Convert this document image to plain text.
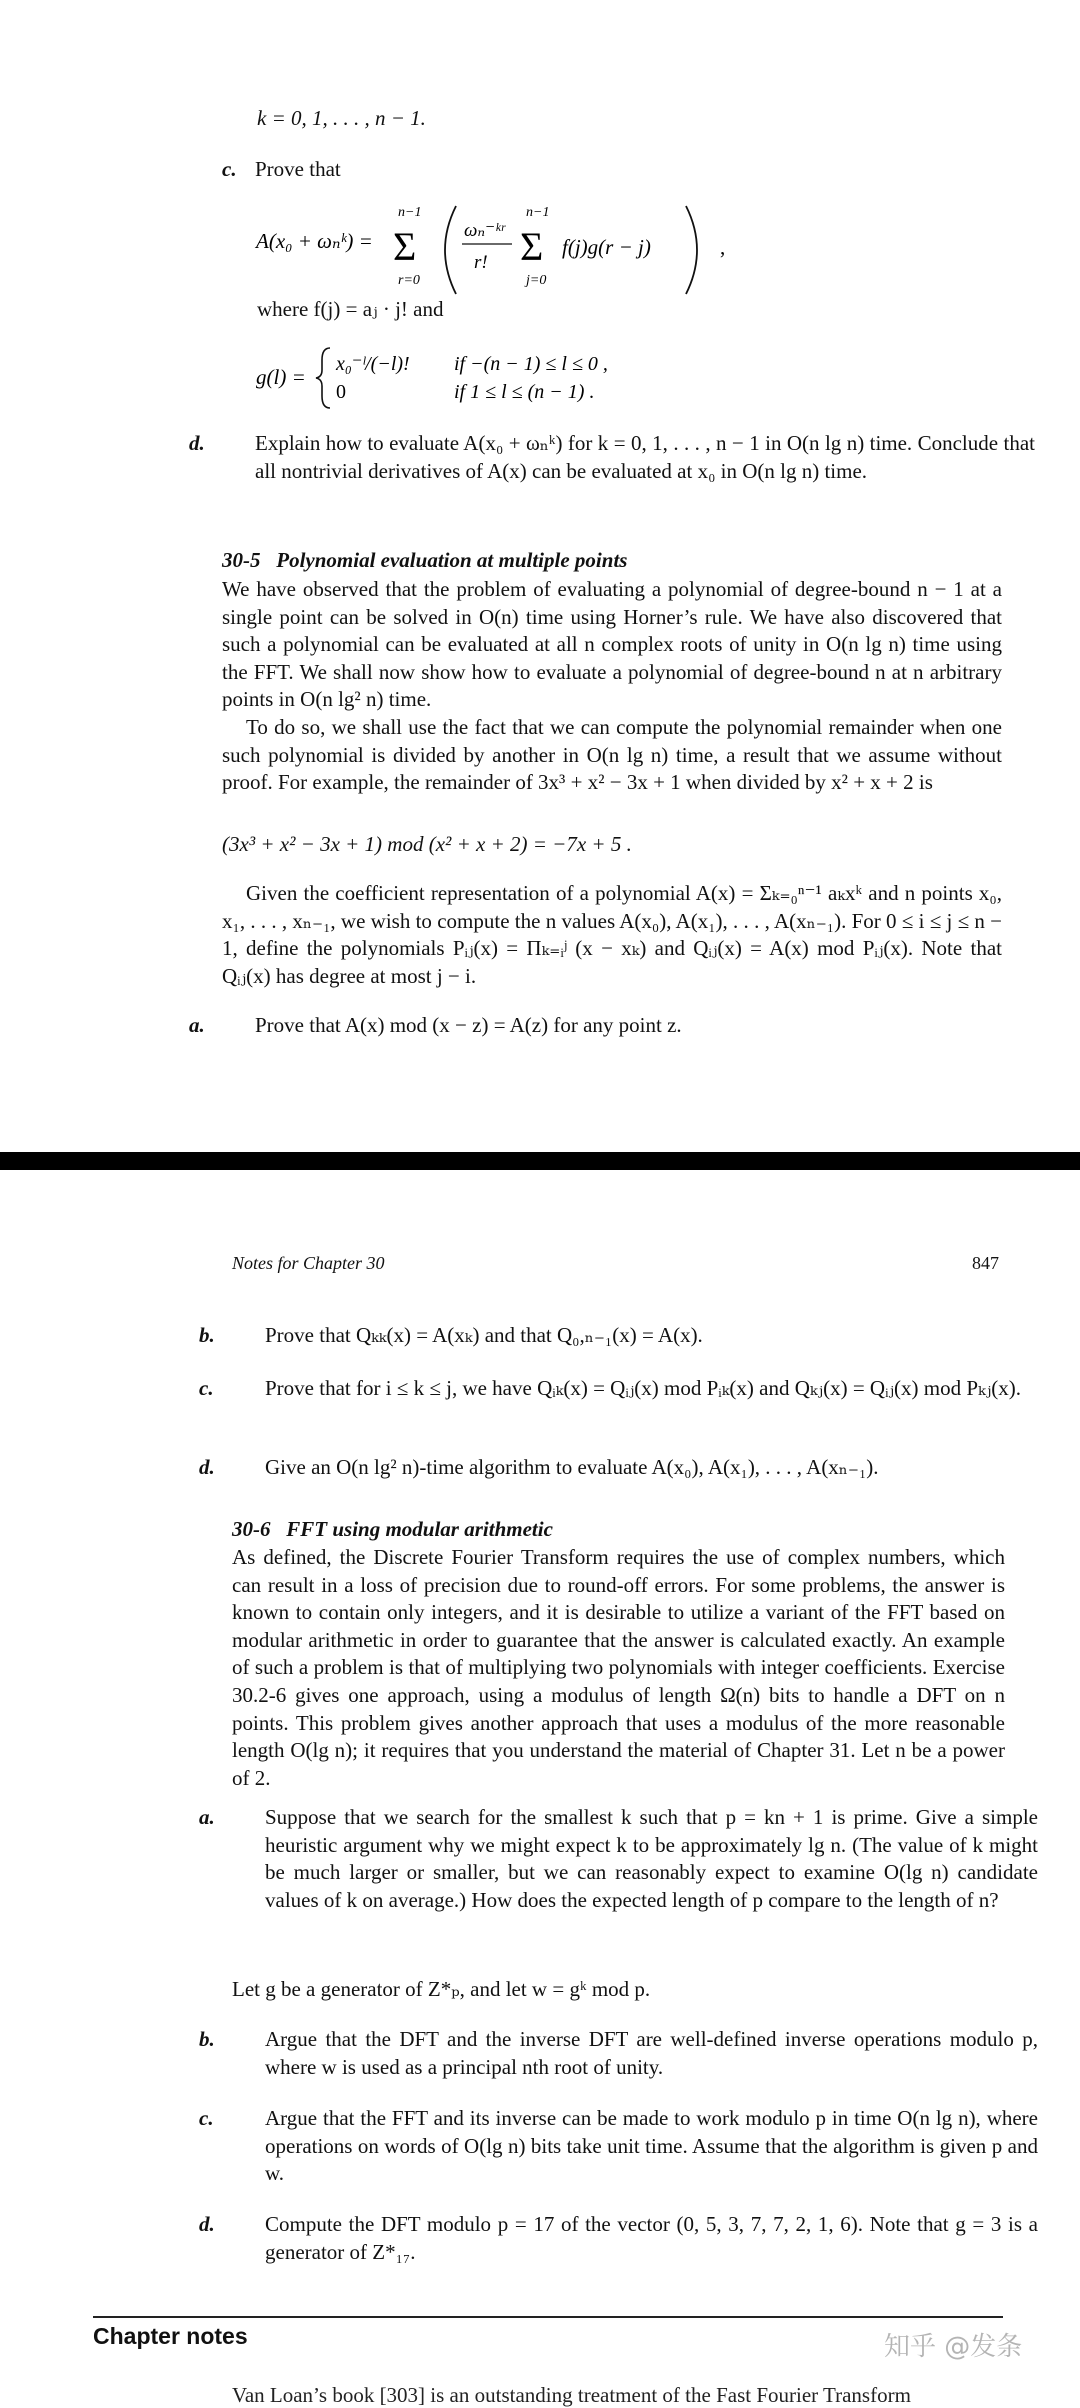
k = 0, 1, . . . , n − 1.
c. Prove that
A(x₀ + ωₙᵏ) =
n−1
Σ
r=0
ωₙ⁻ᵏʳ
r!
n−1
Σ
j=0
f(j)g(r − j)	,
where f(j) = aⱼ · j! and
g(l) =
x₀⁻ˡ/(−l)! if −(n − 1) ≤ l ≤ 0 ,
0	if 1 ≤ l ≤ (n − 1) .
d. Explain how to evaluate A(x₀ + ωₙᵏ) for k = 0, 1, . . . , n − 1 in O(n lg n) time. Conclude that all nontrivial derivatives of A(x) can be evaluated at x₀ in O(n lg n) time.
30-5 Polynomial evaluation at multiple points
We have observed that the problem of evaluating a polynomial of degree-bound n − 1 at a single point can be solved in O(n) time using Horner’s rule. We have also discovered that such a polynomial can be evaluated at all n complex roots of unity in O(n lg n) time using the FFT. We shall now show how to evaluate a polynomial of degree-bound n at n arbitrary points in O(n lg² n) time.
To do so, we shall use the fact that we can compute the polynomial remainder when one such polynomial is divided by another in O(n lg n) time, a result that we assume without proof. For example, the remainder of 3x³ + x² − 3x + 1 when divided by x² + x + 2 is
(3x³ + x² − 3x + 1) mod (x² + x + 2) = −7x + 5 .
Given the coefficient representation of a polynomial A(x) = Σₖ₌₀ⁿ⁻¹ aₖxᵏ and n points x₀, x₁, . . . , xₙ₋₁, we wish to compute the n values A(x₀), A(x₁), . . . , A(xₙ₋₁). For 0 ≤ i ≤ j ≤ n − 1, define the polynomials Pᵢⱼ(x) = Πₖ₌ᵢʲ (x − xₖ) and Qᵢⱼ(x) = A(x) mod Pᵢⱼ(x). Note that Qᵢⱼ(x) has degree at most j − i.
a. Prove that A(x) mod (x − z) = A(z) for any point z.
Notes for Chapter 30	847
b. Prove that Qₖₖ(x) = A(xₖ) and that Q₀,ₙ₋₁(x) = A(x).
c. Prove that for i ≤ k ≤ j, we have Qᵢₖ(x) = Qᵢⱼ(x) mod Pᵢₖ(x) and Qₖⱼ(x) = Qᵢⱼ(x) mod Pₖⱼ(x).
d. Give an O(n lg² n)-time algorithm to evaluate A(x₀), A(x₁), . . . , A(xₙ₋₁).
30-6 FFT using modular arithmetic
As defined, the Discrete Fourier Transform requires the use of complex numbers, which can result in a loss of precision due to round-off errors. For some problems, the answer is known to contain only integers, and it is desirable to utilize a variant of the FFT based on modular arithmetic in order to guarantee that the answer is calculated exactly. An example of such a problem is that of multiplying two polynomials with integer coefficients. Exercise 30.2-6 gives one approach, using a modulus of length Ω(n) bits to handle a DFT on n points. This problem gives another approach that uses a modulus of the more reasonable length O(lg n); it requires that you understand the material of Chapter 31. Let n be a power of 2.
a. Suppose that we search for the smallest k such that p = kn + 1 is prime. Give a simple heuristic argument why we might expect k to be approximately lg n. (The value of k might be much larger or smaller, but we can reasonably expect to examine O(lg n) candidate values of k on average.) How does the expected length of p compare to the length of n?
Let g be a generator of Z*ₚ, and let w = gᵏ mod p.
b. Argue that the DFT and the inverse DFT are well-defined inverse operations modulo p, where w is used as a principal nth root of unity.
c. Argue that the FFT and its inverse can be made to work modulo p in time O(n lg n), where operations on words of O(lg n) bits take unit time. Assume that the algorithm is given p and w.
d. Compute the DFT modulo p = 17 of the vector (0, 5, 3, 7, 7, 2, 1, 6). Note that g = 3 is a generator of Z*₁₇.
Chapter notes	知乎 @发条
Van Loan’s book [303] is an outstanding treatment of the Fast Fourier Transform
